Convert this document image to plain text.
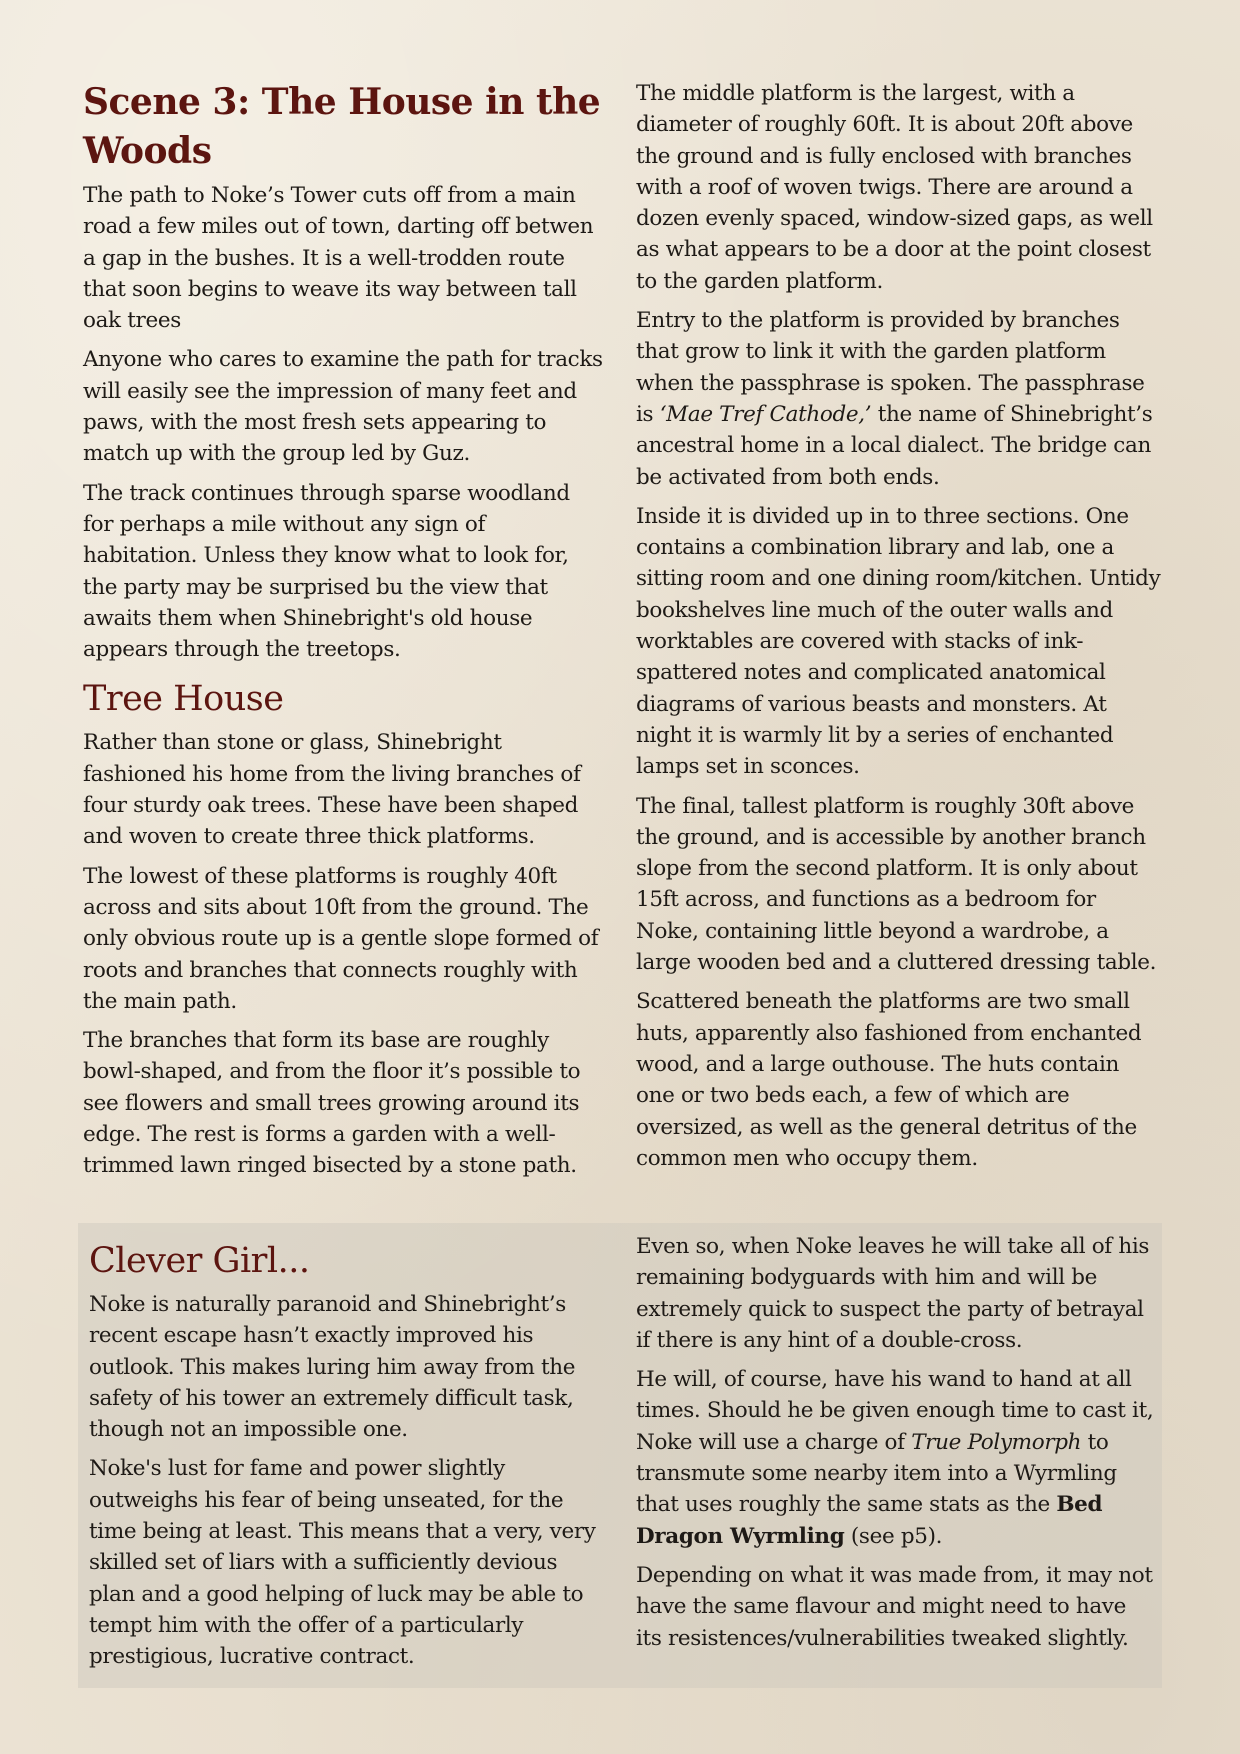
Scene 3: The House in the Woods

The path to Noke’s Tower cuts off from a main road a few miles out of town, darting off betwen a gap in the bushes. It is a well-trodden route that soon begins to weave its way between tall oak trees

Anyone who cares to examine the path for tracks will easily see the impression of many feet and paws, with the most fresh sets appearing to match up with the group led by Guz.

The track continues through sparse woodland for perhaps a mile without any sign of habitation. Unless they know what to look for, the party may be surprised bu the view that awaits them when Shinebright's old house appears through the treetops.

Tree House

Rather than stone or glass, Shinebright fashioned his home from the living branches of four sturdy oak trees. These have been shaped and woven to create three thick platforms.

The lowest of these platforms is roughly 40ft across and sits about 10ft from the ground. The only obvious route up is a gentle slope formed of roots and branches that connects roughly with the main path.

The branches that form its base are roughly bowl-shaped, and from the floor it’s possible to see flowers and small trees growing around its edge. The rest is forms a garden with a well-trimmed lawn ringed bisected by a stone path.

The middle platform is the largest, with a diameter of roughly 60ft. It is about 20ft above the ground and is fully enclosed with branches with a roof of woven twigs. There are around a dozen evenly spaced, window-sized gaps, as well as what appears to be a door at the point closest to the garden platform.

Entry to the platform is provided by branches that grow to link it with the garden platform when the passphrase is spoken. The passphrase is ‘Mae Tref Cathode,’ the name of Shinebright’s ancestral home in a local dialect. The bridge can be activated from both ends.

Inside it is divided up in to three sections. One contains a combination library and lab, one a sitting room and one dining room/kitchen. Untidy bookshelves line much of the outer walls and worktables are covered with stacks of ink-spattered notes and complicated anatomical diagrams of various beasts and monsters. At night it is warmly lit by a series of enchanted lamps set in sconces.

The final, tallest platform is roughly 30ft above the ground, and is accessible by another branch slope from the second platform. It is only about 15ft across, and functions as a bedroom for Noke, containing little beyond a wardrobe, a large wooden bed and a cluttered dressing table.

Scattered beneath the platforms are two small huts, apparently also fashioned from enchanted wood, and a large outhouse. The huts contain one or two beds each, a few of which are oversized, as well as the general detritus of the common men who occupy them.

Clever Girl...

Noke is naturally paranoid and Shinebright’s recent escape hasn’t exactly improved his outlook. This makes luring him away from the safety of his tower an extremely difficult task, though not an impossible one.

Noke's lust for fame and power slightly outweighs his fear of being unseated, for the time being at least. This means that a very, very skilled set of liars with a sufficiently devious plan and a good helping of luck may be able to tempt him with the offer of a particularly prestigious, lucrative contract.

Even so, when Noke leaves he will take all of his remaining bodyguards with him and will be extremely quick to suspect the party of betrayal if there is any hint of a double-cross.

He will, of course, have his wand to hand at all times. Should he be given enough time to cast it, Noke will use a charge of True Polymorph to transmute some nearby item into a Wyrmling that uses roughly the same stats as the Bed Dragon Wyrmling (see p5).

Depending on what it was made from, it may not have the same flavour and might need to have its resistences/vulnerabilities tweaked slightly.
